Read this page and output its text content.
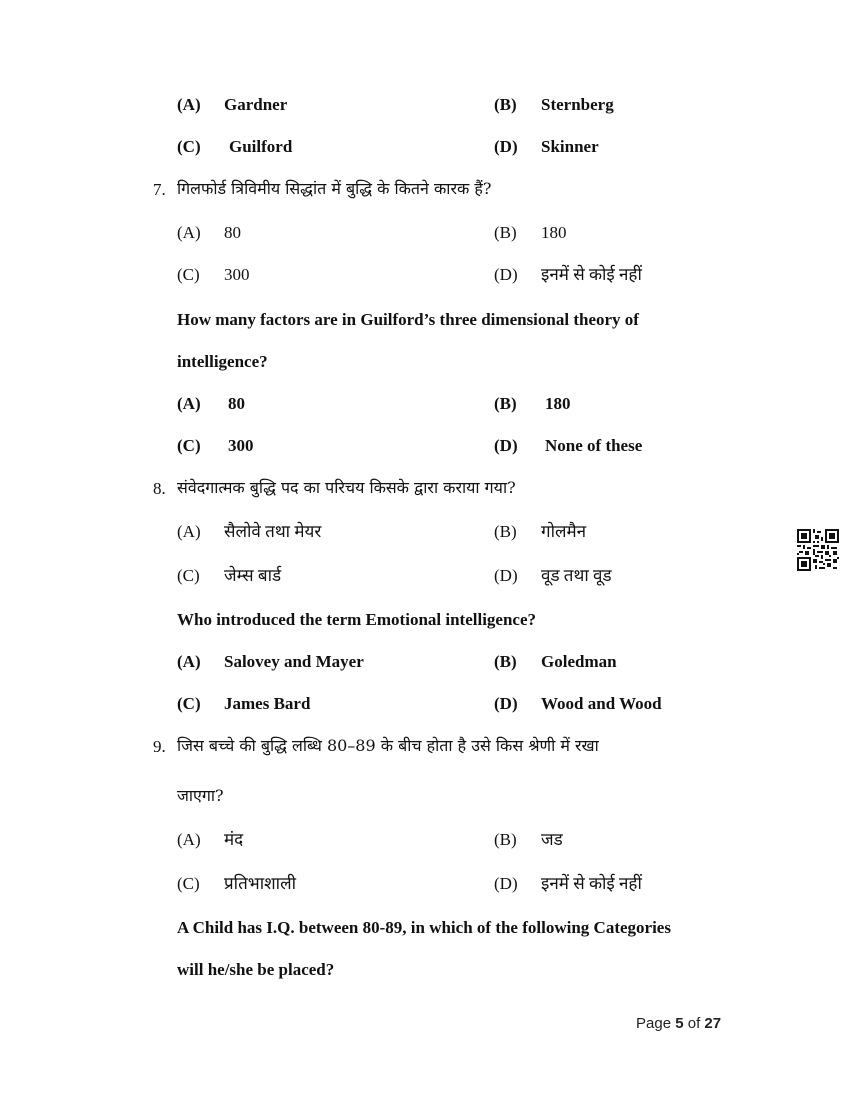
(A) Gardner	(B) Sternberg
(C) Guilford	(D) Skinner
7. गिलफोर्ड त्रिविमीय सिद्धांत में बुद्धि के कितने कारक हैं?
(A) 80	(B) 180
(C) 300	(D) इनमें से कोई नहीं
How many factors are in Guilford’s three dimensional theory of
intelligence?
(A) 80	(B) 180
(C) 300	(D) None of these
8. संवेदगात्मक बुद्धि पद का परिचय किसके द्वारा कराया गया?
(A) सैलोवे तथा मेयर	(B) गोलमैन
(C) जेम्स बार्ड	(D) वूड तथा वूड
Who introduced the term Emotional intelligence?
(A) Salovey and Mayer	(B) Goledman
(C) James Bard	(D) Wood and Wood
9. जिस बच्चे की बुद्धि लब्धि 80–89 के बीच होता है उसे किस श्रेणी में रखा
जाएगा?
(A) मंद	(B) जड
(C) प्रतिभाशाली	(D) इनमें से कोई नहीं
A Child has I.Q. between 80-89, in which of the following Categories
will he/she be placed?
Page 5 of 27
